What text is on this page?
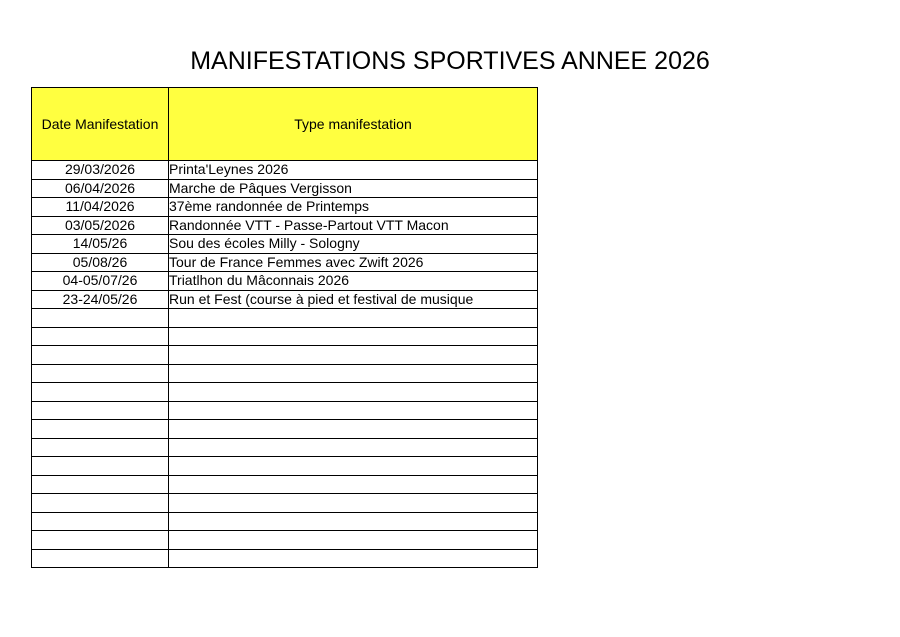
MANIFESTATIONS SPORTIVES ANNEE 2026
Date Manifestation	Type manifestation
29/03/2026	Printa'Leynes 2026
06/04/2026	Marche de Pâques Vergisson
11/04/2026	37ème randonnée de Printemps
03/05/2026	Randonnée VTT - Passe-Partout VTT Macon
14/05/26	Sou des écoles Milly - Sologny
05/08/26	Tour de France Femmes avec Zwift 2026
04-05/07/26	Triatlhon du Mâconnais 2026
23-24/05/26	Run et Fest (course à pied et festival de musique
